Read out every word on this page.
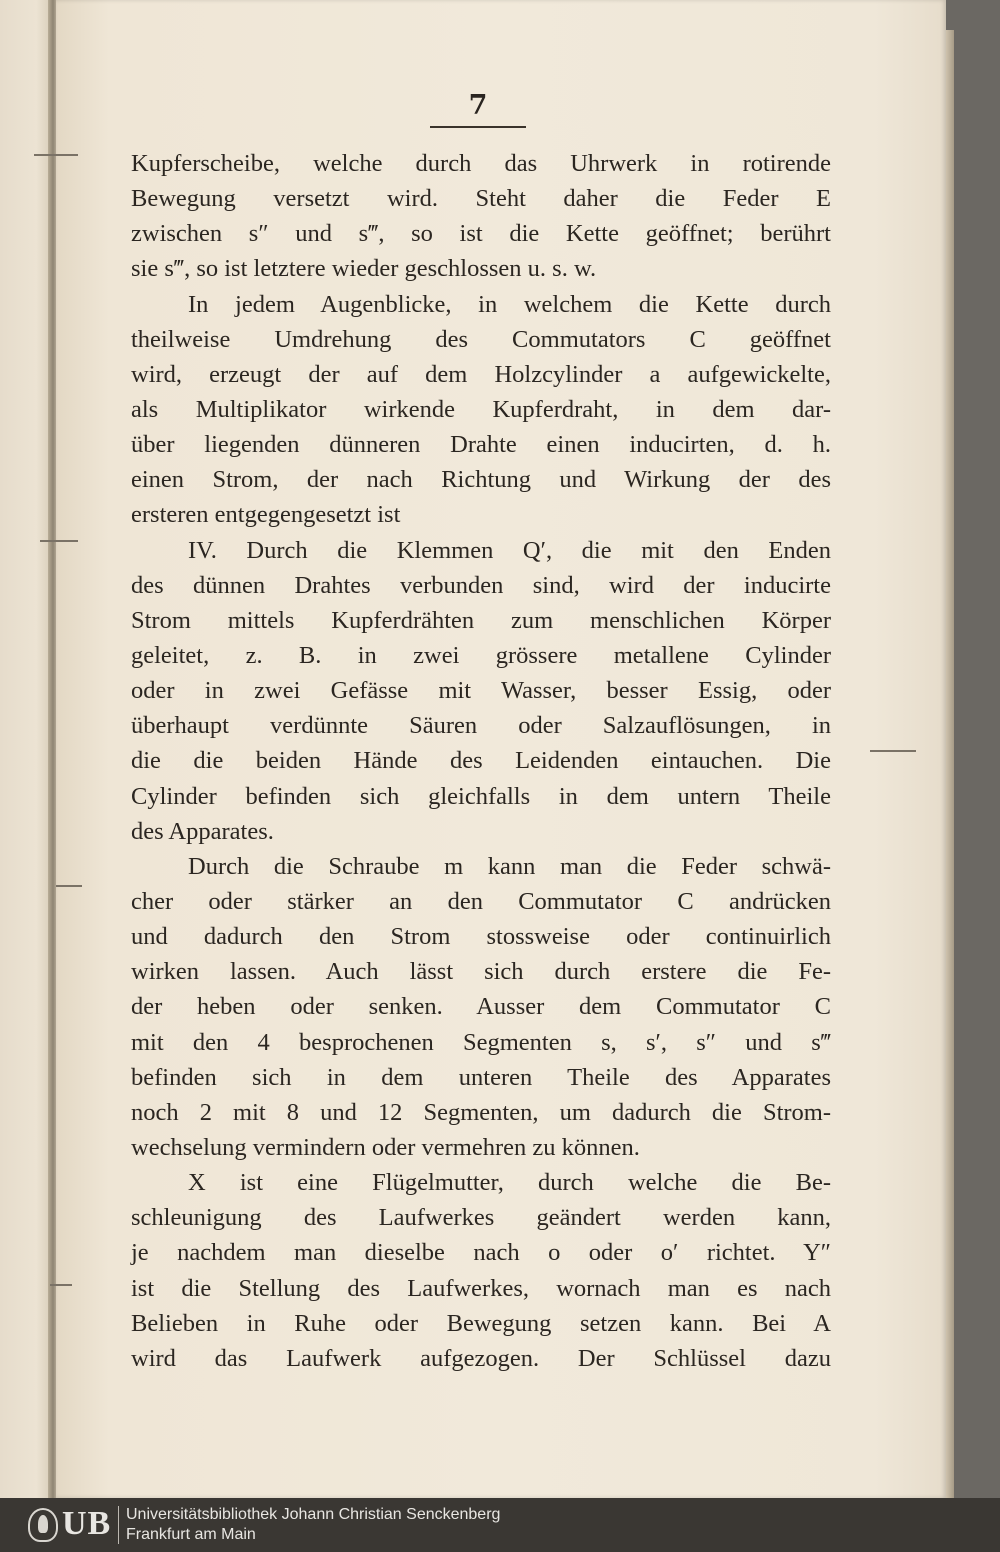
7
Kupferscheibe, welche durch das Uhrwerk in rotirende
Bewegung versetzt wird. Steht daher die Feder E
zwischen s″ und s‴, so ist die Kette geöffnet; berührt
sie s‴, so ist letztere wieder geschlossen u. s. w.
In jedem Augenblicke, in welchem die Kette durch
theilweise Umdrehung des Commutators C geöffnet
wird, erzeugt der auf dem Holzcylinder a aufgewickelte,
als Multiplikator wirkende Kupferdraht, in dem dar-
über liegenden dünneren Drahte einen inducirten, d. h.
einen Strom, der nach Richtung und Wirkung der des
ersteren entgegengesetzt ist
IV. Durch die Klemmen Q′, die mit den Enden
des dünnen Drahtes verbunden sind, wird der inducirte
Strom mittels Kupferdrähten zum menschlichen Körper
geleitet, z. B. in zwei grössere metallene Cylinder
oder in zwei Gefässe mit Wasser, besser Essig, oder
überhaupt verdünnte Säuren oder Salzauflösungen, in
die die beiden Hände des Leidenden eintauchen. Die
Cylinder befinden sich gleichfalls in dem untern Theile
des Apparates.
Durch die Schraube m kann man die Feder schwä-
cher oder stärker an den Commutator C andrücken
und dadurch den Strom stossweise oder continuirlich
wirken lassen. Auch lässt sich durch erstere die Fe-
der heben oder senken. Ausser dem Commutator C
mit den 4 besprochenen Segmenten s, s′, s″ und s‴
befinden sich in dem unteren Theile des Apparates
noch 2 mit 8 und 12 Segmenten, um dadurch die Strom-
wechselung vermindern oder vermehren zu können.
X ist eine Flügelmutter, durch welche die Be-
schleunigung des Laufwerkes geändert werden kann,
je nachdem man dieselbe nach o oder o′ richtet. Y″
ist die Stellung des Laufwerkes, wornach man es nach
Belieben in Ruhe oder Bewegung setzen kann. Bei A
wird das Laufwerk aufgezogen. Der Schlüssel dazu
UB Universitätsbibliothek Johann Christian Senckenberg
Frankfurt am Main
